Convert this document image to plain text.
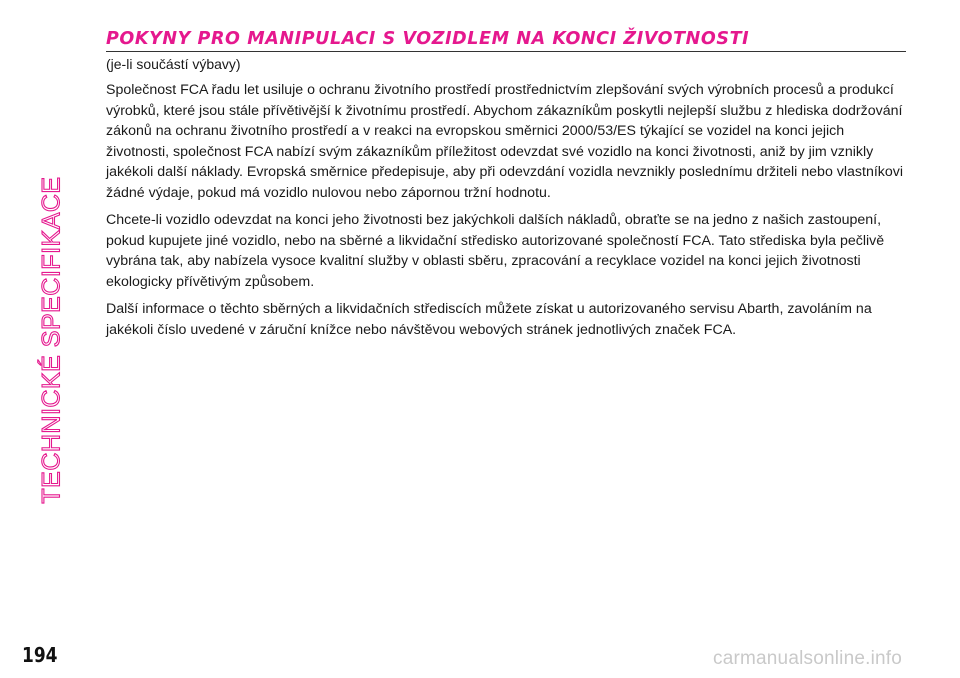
TECHNICKÉ SPECIFIKACE
POKYNY PRO MANIPULACI S VOZIDLEM NA KONCI ŽIVOTNOSTI
(je-li součástí výbavy)

Společnost FCA řadu let usiluje o ochranu životního prostředí prostřednictvím zlepšování svých výrobních procesů a produkcí výrobků, které jsou stále přívětivější k životnímu prostředí. Abychom zákazníkům poskytli nejlepší službu z hlediska dodržování zákonů na ochranu životního prostředí a v reakci na evropskou směrnici 2000/53/ES týkající se vozidel na konci jejich životnosti, společnost FCA nabízí svým zákazníkům příležitost odevzdat své vozidlo na konci životnosti, aniž by jim vznikly jakékoli další náklady. Evropská směrnice předepisuje, aby při odevzdání vozidla nevznikly poslednímu držiteli nebo vlastníkovi žádné výdaje, pokud má vozidlo nulovou nebo zápornou tržní hodnotu.

Chcete-li vozidlo odevzdat na konci jeho životnosti bez jakýchkoli dalších nákladů, obraťte se na jedno z našich zastoupení, pokud kupujete jiné vozidlo, nebo na sběrné a likvidační středisko autorizované společností FCA. Tato střediska byla pečlivě vybrána tak, aby nabízela vysoce kvalitní služby v oblasti sběru, zpracování a recyklace vozidel na konci jejich životnosti ekologicky přívětivým způsobem.

Další informace o těchto sběrných a likvidačních střediscích můžete získat u autorizovaného servisu Abarth, zavoláním na jakékoli číslo uvedené v záruční knížce nebo návštěvou webových stránek jednotlivých značek FCA.

194	carmanualsonline.info
